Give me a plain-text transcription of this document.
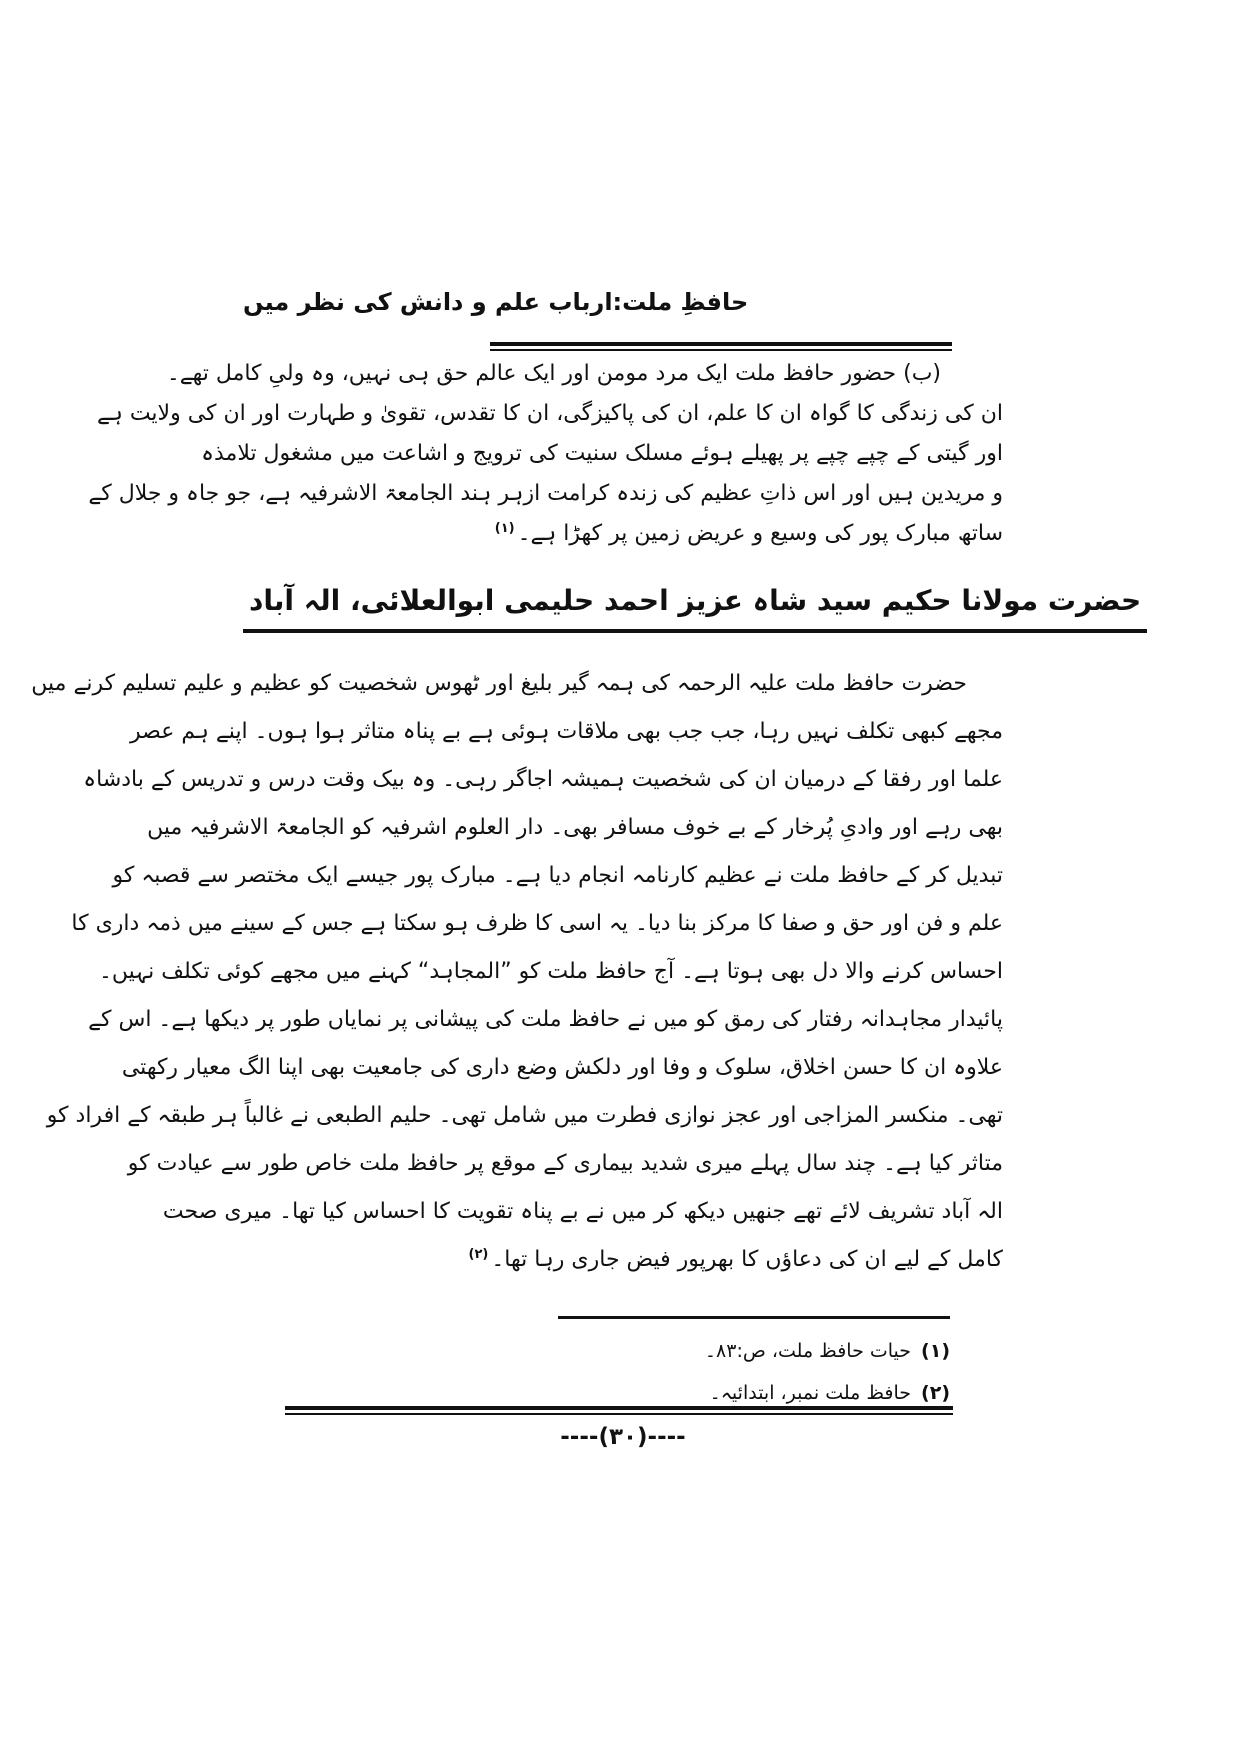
حافظِ ملت:ارباب علم و دانش کی نظر میں
(ب) حضور حافظ ملت ایک مرد مومن اور ایک عالم حق ہی نہیں، وہ ولیِ کامل تھے۔
ان کی زندگی کا گواہ ان کا علم، ان کی پاکیزگی، ان کا تقدس، تقویٰ و طہارت اور ان کی ولایت ہے
اور گیتی کے چپے چپے پر پھیلے ہوئے مسلک سنیت کی ترویج و اشاعت میں مشغول تلامذہ
و مریدین ہیں اور اس ذاتِ عظیم کی زندہ کرامت ازہر ہند الجامعۃ الاشرفیہ ہے، جو جاہ و جلال کے
ساتھ مبارک پور کی وسیع و عریض زمین پر کھڑا ہے۔$^{(۱)}$
حضرت مولانا حکیم سید شاہ عزیز احمد حلیمی ابوالعلائی، الہ آباد
حضرت حافظ ملت علیہ الرحمہ کی ہمہ گیر بلیغ اور ٹھوس شخصیت کو عظیم و علیم تسلیم کرنے میں
مجھے کبھی تکلف نہیں رہا، جب جب بھی ملاقات ہوئی ہے بے پناہ متاثر ہوا ہوں۔ اپنے ہم عصر
علما اور رفقا کے درمیان ان کی شخصیت ہمیشہ اجاگر رہی۔ وہ بیک وقت درس و تدریس کے بادشاہ
بھی رہے اور وادیِ پُرخار کے بے خوف مسافر بھی۔ دار العلوم اشرفیہ کو الجامعۃ الاشرفیہ میں
تبدیل کر کے حافظ ملت نے عظیم کارنامہ انجام دیا ہے۔ مبارک پور جیسے ایک مختصر سے قصبہ کو
علم و فن اور حق و صفا کا مرکز بنا دیا۔ یہ اسی کا ظرف ہو سکتا ہے جس کے سینے میں ذمہ داری کا
احساس کرنے والا دل بھی ہوتا ہے۔ آج حافظ ملت کو ”المجاہد“ کہنے میں مجھے کوئی تکلف نہیں۔
پائیدار مجاہدانہ رفتار کی رمق کو میں نے حافظ ملت کی پیشانی پر نمایاں طور پر دیکھا ہے۔ اس کے
علاوہ ان کا حسن اخلاق، سلوک و وفا اور دلکش وضع داری کی جامعیت بھی اپنا الگ معیار رکھتی
تھی۔ منکسر المزاجی اور عجز نوازی فطرت میں شامل تھی۔ حلیم الطبعی نے غالباً ہر طبقہ کے افراد کو
متاثر کیا ہے۔ چند سال پہلے میری شدید بیماری کے موقع پر حافظ ملت خاص طور سے عیادت کو
الہ آباد تشریف لائے تھے جنھیں دیکھ کر میں نے بے پناہ تقویت کا احساس کیا تھا۔ میری صحت
کامل کے لیے ان کی دعاؤں کا بھرپور فیض جاری رہا تھا۔$^{(۲)}$
(۱)حیات حافظ ملت، ص:۸۳۔
(۲)حافظ ملت نمبر، ابتدائیہ۔
----(۳۰)----
